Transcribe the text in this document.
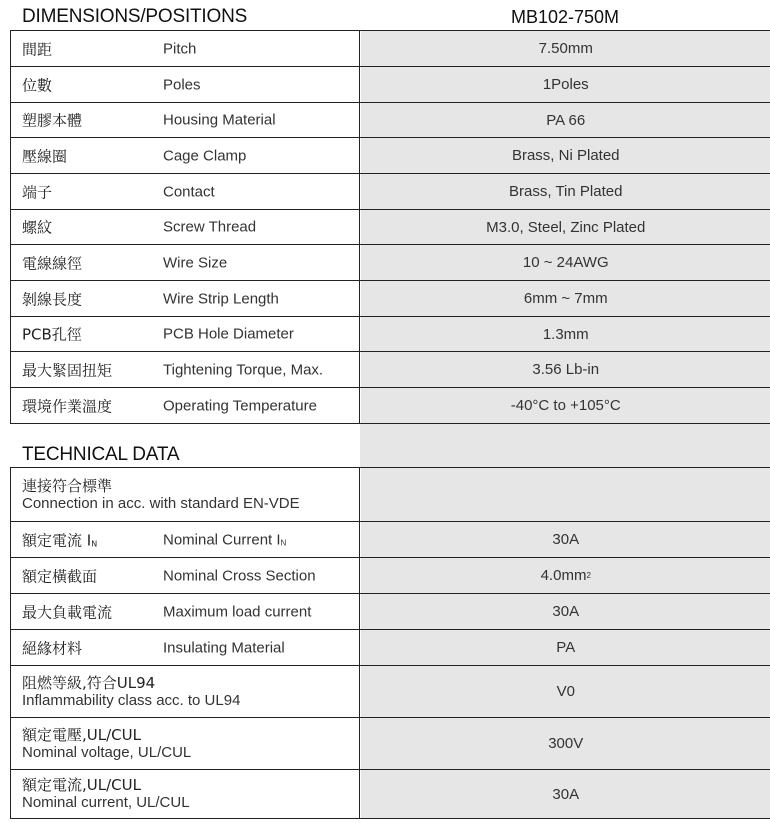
DIMENSIONS/POSITIONS	MB102-750M
間距	Pitch	7.50mm
位數	Poles	1Poles
塑膠本體	Housing Material	PA 66
壓線圈	Cage Clamp	Brass, Ni Plated
端子	Contact	Brass, Tin Plated
螺紋	Screw Thread	M3.0, Steel, Zinc Plated
電線線徑	Wire Size	10 ~ 24AWG
剝線長度	Wire Strip Length	6mm ~ 7mm
PCB孔徑	PCB Hole Diameter	1.3mm
最大緊固扭矩	Tightening Torque, Max.	3.56 Lb-in
環境作業溫度	Operating Temperature	-40°C to +105°C
TECHNICAL DATA
連接符合標準
Connection in acc. with standard EN-VDE
額定電流 $I_N$	Nominal Current $I_N$	30A
額定橫截面	Nominal Cross Section	4.0mm 2
最大負載電流	Maximum load current	30A
絕緣材料	Insulating Material	PA
阻燃等級,符合UL94
Inflammability class acc. to UL94	V0
額定電壓,UL/CUL
Nominal voltage, UL/CUL	300V
額定電流,UL/CUL
Nominal current, UL/CUL	30A
